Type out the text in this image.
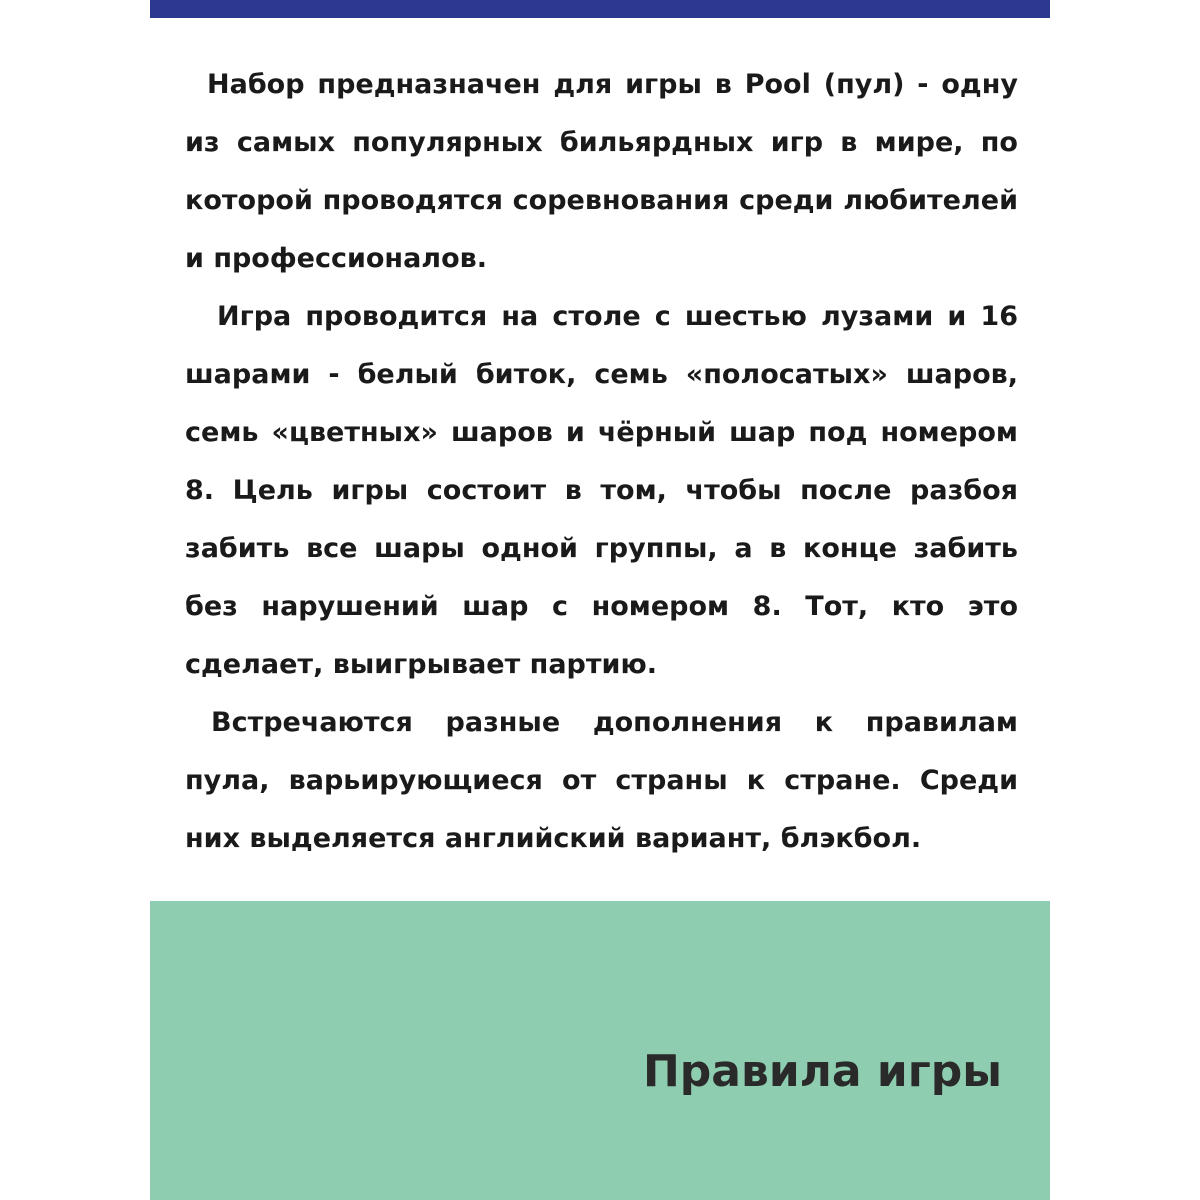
Набор предназначен для игры в Pool (пул) - одну из самых популярных бильярдных игр в мире, по которой проводятся соревнования среди любителей и профессионалов.

Игра проводится на столе с шестью лузами и 16 шарами - белый биток, семь «полосатых» шаров, семь «цветных» шаров и чёрный шар под номером 8. Цель игры состоит в том, чтобы после разбоя забить все шары одной группы, а в конце забить без нарушений шар с номером 8. Тот, кто это сделает, выигрывает партию.

Встречаются разные дополнения к правилам пула, варьирующиеся от страны к стране. Среди них выделяется английский вариант, блэкбол.

Правила игры
